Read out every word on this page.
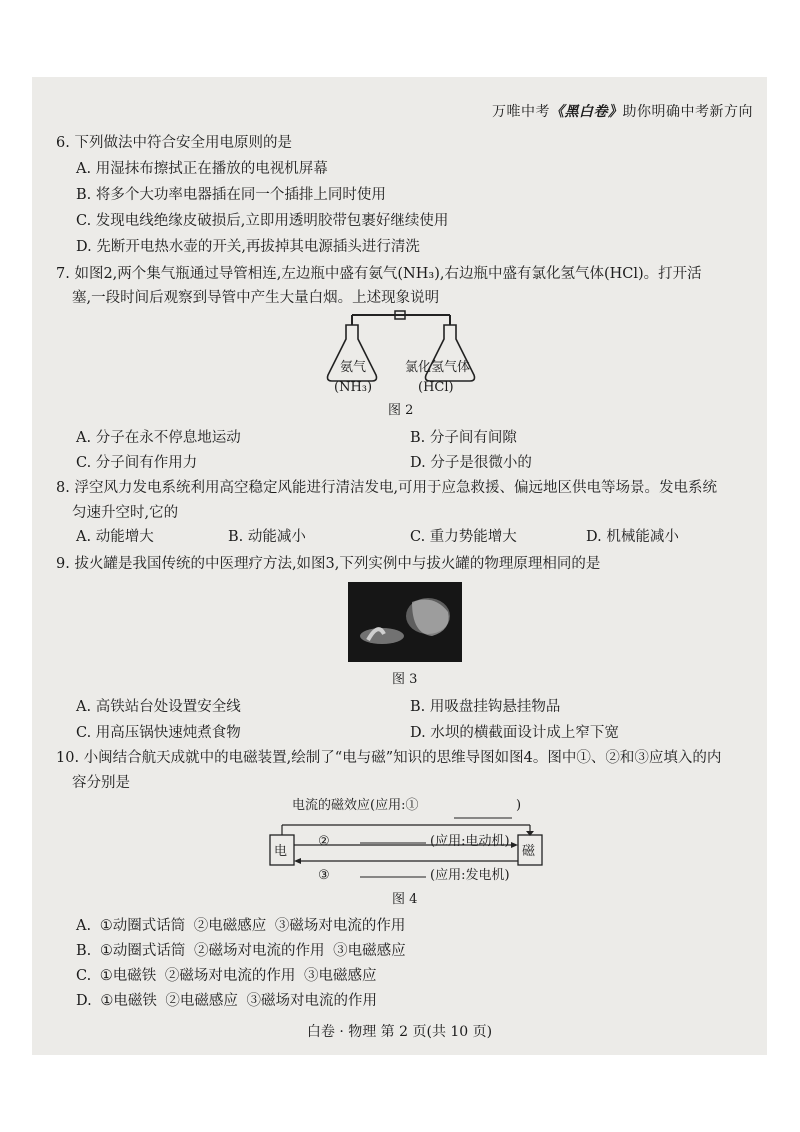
万唯中考《黑白卷》助你明确中考新方向
6. 下列做法中符合安全用电原则的是
A. 用湿抹布擦拭正在播放的电视机屏幕
B. 将多个大功率电器插在同一个插排上同时使用
C. 发现电线绝缘皮破损后,立即用透明胶带包裹好继续使用
D. 先断开电热水壶的开关,再拔掉其电源插头进行清洗
7. 如图2,两个集气瓶通过导管相连,左边瓶中盛有氨气(NH₃),右边瓶中盛有氯化氢气体(HCl)。打开活
塞,一段时间后观察到导管中产生大量白烟。上述现象说明
氨气
(NH₃)
氯化氢气体
(HCl)
图 2
A. 分子在永不停息地运动	B. 分子间有间隙
C. 分子间有作用力	D. 分子是很微小的
8. 浮空风力发电系统利用高空稳定风能进行清洁发电,可用于应急救援、偏远地区供电等场景。发电系统
匀速升空时,它的
A. 动能增大	B. 动能减小	C. 重力势能增大	D. 机械能减小
9. 拔火罐是我国传统的中医理疗方法,如图3,下列实例中与拔火罐的物理原理相同的是
图 3
A. 高铁站台处设置安全线	B. 用吸盘挂钩悬挂物品
C. 用高压锅快速炖煮食物	D. 水坝的横截面设计成上窄下宽
10. 小闽结合航天成就中的电磁装置,绘制了“电与磁”知识的思维导图如图4。图中①、②和③应填入的内
容分别是
电流的磁效应(应用:①	)
②	(应用:电动机)
③	(应用:发电机)
电	磁
图 4
A. ①动圈式话筒 ②电磁感应 ③磁场对电流的作用
B. ①动圈式话筒 ②磁场对电流的作用 ③电磁感应
C. ①电磁铁 ②磁场对电流的作用 ③电磁感应
D. ①电磁铁 ②电磁感应 ③磁场对电流的作用
白卷 · 物理 第 2 页(共 10 页)
